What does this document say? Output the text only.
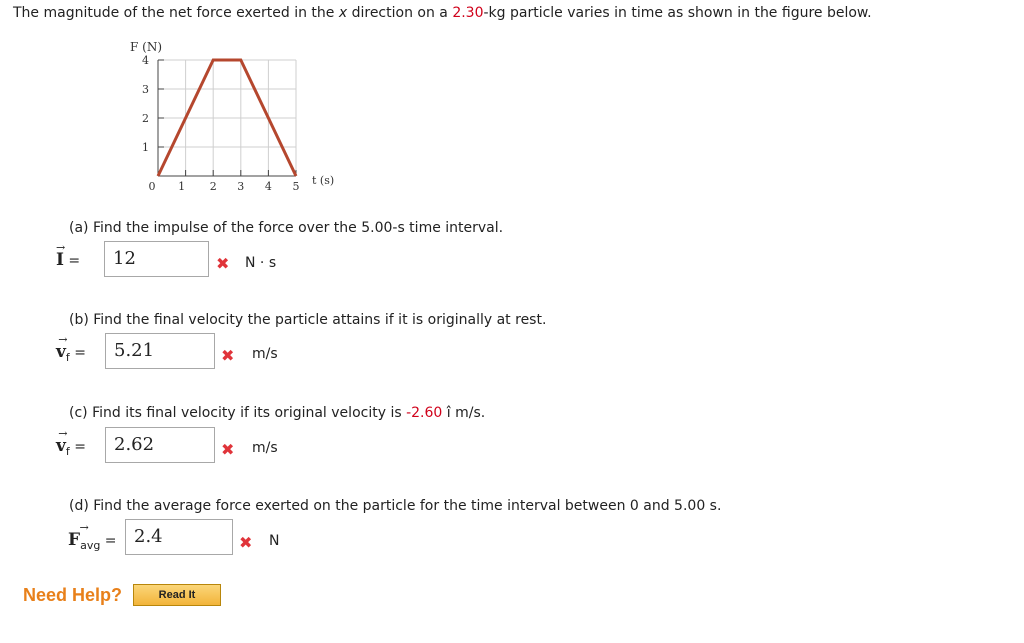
The magnitude of the net force exerted in the x direction on a 2.30-kg particle varies in time as shown in the figure below.
F (N)
t (s)
1
2
3
4
0 1 2 3 4 5
(a) Find the impulse of the force over the 5.00-s time interval.
→
I =	12	✖ N · s
(b) Find the final velocity the particle attains if it is originally at rest.
→
$v_f$ =	5.21	✖ m/s
(c) Find its final velocity if its original velocity is -2.60 î m/s.
→
$v_f$ =	2.62	✖ m/s
(d) Find the average force exerted on the particle for the time interval between 0 and 5.00 s.
→
$F_{avg} = 2.4$	✖ N
Need Help?	Read It
